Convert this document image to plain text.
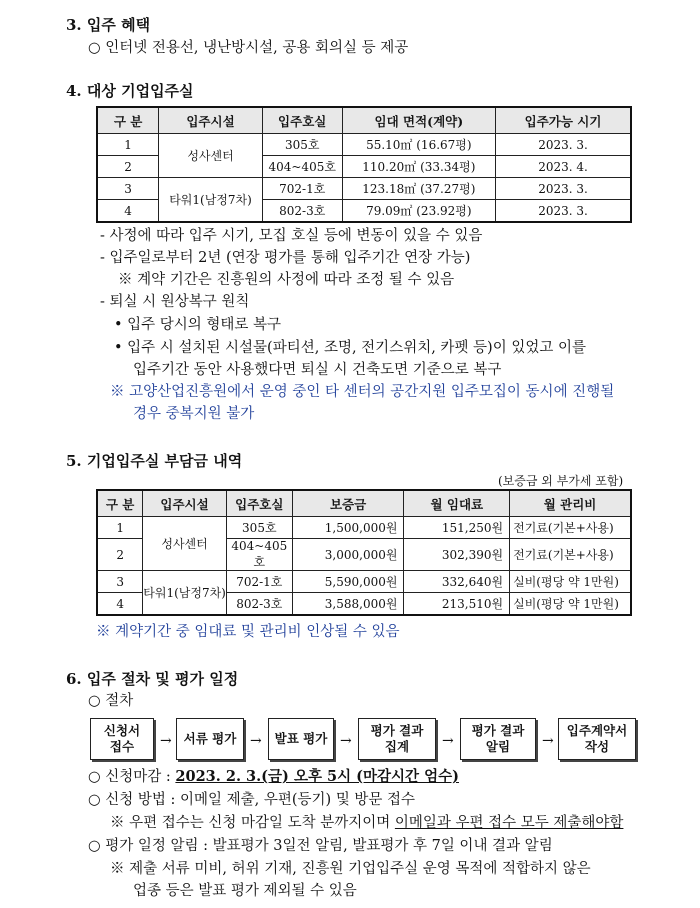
3. 입주 혜택
○ 인터넷 전용선, 냉난방시설, 공용 회의실 등 제공
4. 대상 기업입주실
구 분	입주시설	입주호실	임대 면적(계약)	입주가능 시기
1	성사센터	305호	55.10㎡ (16.67평)	2023. 3.
2		404~405호	110.20㎡ (33.34평)	2023. 4.
3	타워1(남정7차)	702-1호	123.18㎡ (37.27평)	2023. 3.
4		802-3호	79.09㎡ (23.92평)	2023. 3.
- 사정에 따라 입주 시기, 모집 호실 등에 변동이 있을 수 있음
- 입주일로부터 2년 (연장 평가를 통해 입주기간 연장 가능)
※ 계약 기간은 진흥원의 사정에 따라 조정 될 수 있음
- 퇴실 시 원상복구 원칙
• 입주 당시의 형태로 복구
• 입주 시 설치된 시설물(파티션, 조명, 전기스위치, 카펫 등)이 있었고 이를
입주기간 동안 사용했다면 퇴실 시 건축도면 기준으로 복구
※ 고양산업진흥원에서 운영 중인 타 센터의 공간지원 입주모집이 동시에 진행될
경우 중복지원 불가
5. 기업입주실 부담금 내역
(보증금 외 부가세 포함)
구 분	입주시설	입주호실	보증금	월 임대료	월 관리비
1	성사센터	305호	1,500,000원	151,250원	전기료(기본+사용)
2		404~405호	3,000,000원	302,390원	전기료(기본+사용)
3	타워1(남정7차)	702-1호	5,590,000원	332,640원	실비(평당 약 1만원)
4		802-3호	3,588,000원	213,510원	실비(평당 약 1만원)
※ 계약기간 중 임대료 및 관리비 인상될 수 있음
6. 입주 절차 및 평가 일정
○ 절차
신청서
접수	→ 서류 평가 → 발표 평가 →
평가 결과
집계	→
평가 결과
알림	→
입주계약서
작성
○ 신청마감 : 2023. 2. 3.(금) 오후 5시 (마감시간 엄수)
○ 신청 방법 : 이메일 제출, 우편(등기) 및 방문 접수
※ 우편 접수는 신청 마감일 도착 분까지이며 이메일과 우편 접수 모두 제출해야함
○ 평가 일정 알림 : 발표평가 3일전 알림, 발표평가 후 7일 이내 결과 알림
※ 제출 서류 미비, 허위 기재, 진흥원 기업입주실 운영 목적에 적합하지 않은
업종 등은 발표 평가 제외될 수 있음
